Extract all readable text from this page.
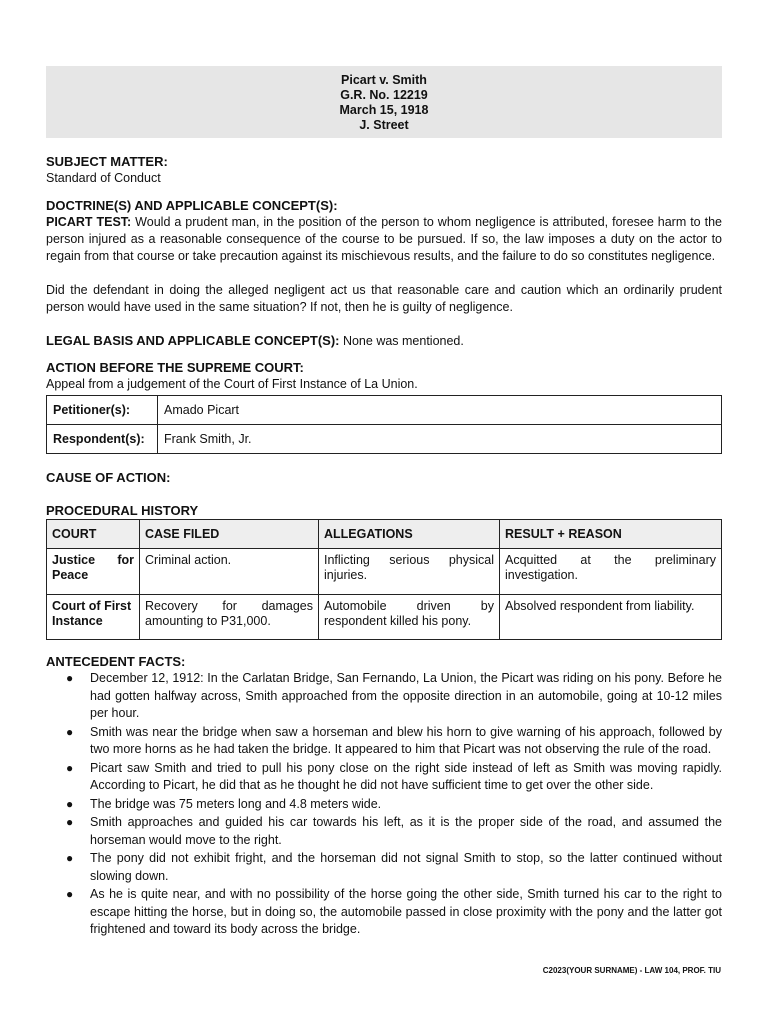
Picart v. Smith
G.R. No. 12219
March 15, 1918
J. Street
SUBJECT MATTER:
Standard of Conduct
DOCTRINE(S) AND APPLICABLE CONCEPT(S):
PICART TEST: Would a prudent man, in the position of the person to whom negligence is attributed, foresee harm to the person injured as a reasonable consequence of the course to be pursued. If so, the law imposes a duty on the actor to regain from that course or take precaution against its mischievous results, and the failure to do so constitutes negligence.
Did the defendant in doing the alleged negligent act us that reasonable care and caution which an ordinarily prudent person would have used in the same situation? If not, then he is guilty of negligence.
LEGAL BASIS AND APPLICABLE CONCEPT(S): None was mentioned.
ACTION BEFORE THE SUPREME COURT:
Appeal from a judgement of the Court of First Instance of La Union.
Petitioner(s):	Amado Picart
Respondent(s):	Frank Smith, Jr.
CAUSE OF ACTION:
PROCEDURAL HISTORY
COURT	CASE FILED	ALLEGATIONS	RESULT + REASON
Justice for Peace	Criminal action.	Inflicting serious physical injuries.	Acquitted at the preliminary investigation.
Court of First Instance	Recovery for damages amounting to P31,000.	Automobile driven by respondent killed his pony.	Absolved respondent from liability.
ANTECEDENT FACTS:
● December 12, 1912: In the Carlatan Bridge, San Fernando, La Union, the Picart was riding on his pony. Before he had gotten halfway across, Smith approached from the opposite direction in an automobile, going at 10-12 miles per hour.
● Smith was near the bridge when saw a horseman and blew his horn to give warning of his approach, followed by two more horns as he had taken the bridge. It appeared to him that Picart was not observing the rule of the road.
● Picart saw Smith and tried to pull his pony close on the right side instead of left as Smith was moving rapidly. According to Picart, he did that as he thought he did not have sufficient time to get over the other side.
● The bridge was 75 meters long and 4.8 meters wide.
● Smith approaches and guided his car towards his left, as it is the proper side of the road, and assumed the horseman would move to the right.
● The pony did not exhibit fright, and the horseman did not signal Smith to stop, so the latter continued without slowing down.
● As he is quite near, and with no possibility of the horse going the other side, Smith turned his car to the right to escape hitting the horse, but in doing so, the automobile passed in close proximity with the pony and the latter got frightened and toward its body across the bridge.
C2023(YOUR SURNAME) - LAW 104, PROF. TIU
